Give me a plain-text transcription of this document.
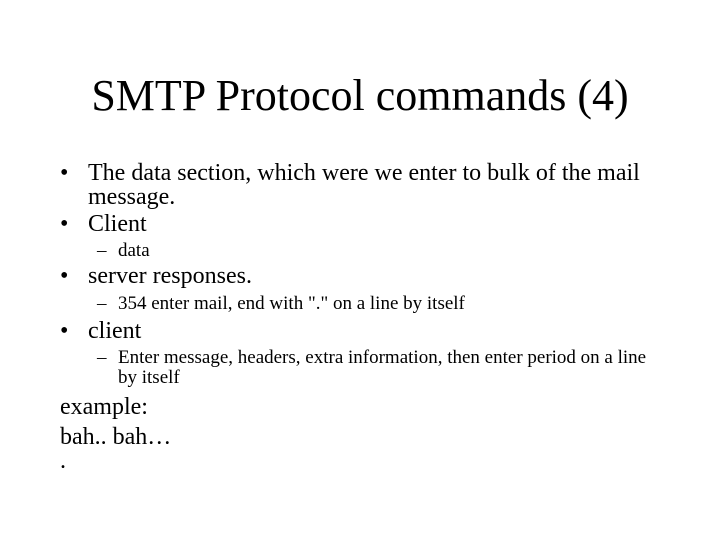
SMTP Protocol commands (4)
• The data section, which were we enter to bulk of the mail message.
• Client
– data
• server responses.
– 354 enter mail, end with "." on a line by itself
• client
– Enter message, headers, extra information, then enter period on a line by itself
example:
bah.. bah…
.
